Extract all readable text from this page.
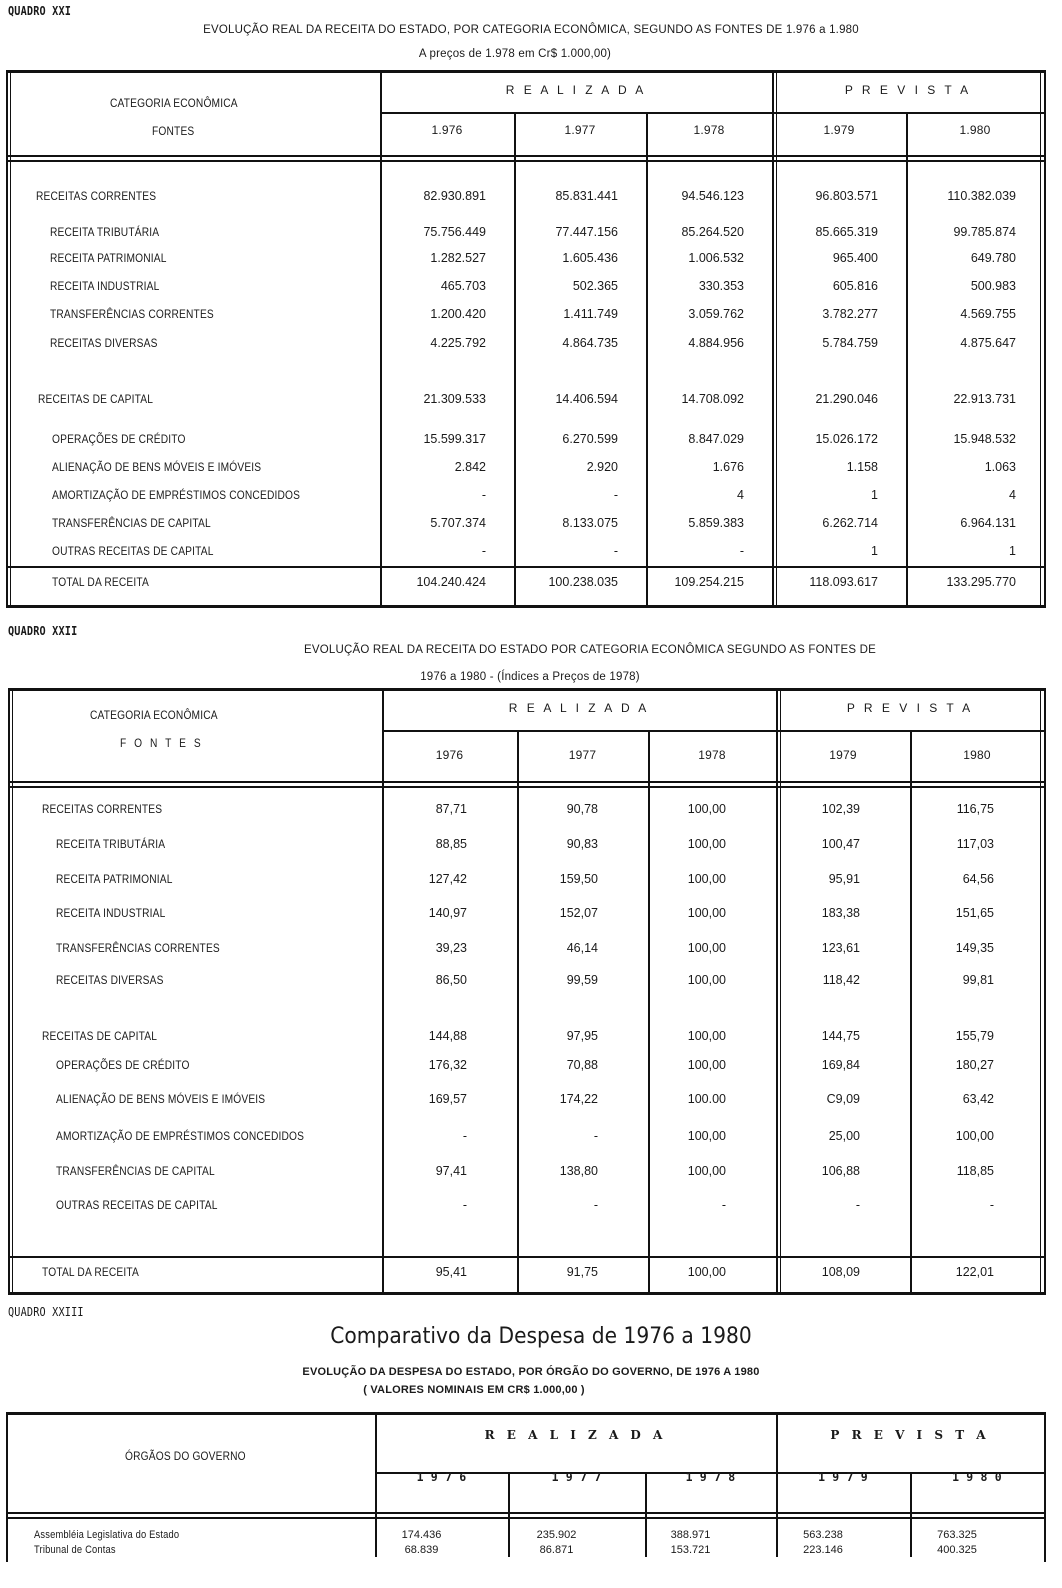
QUADRO XXI
EVOLUÇÃO REAL DA RECEITA DO ESTADO, POR CATEGORIA ECONÔMICA, SEGUNDO AS FONTES DE 1.976 a 1.980
A preços de 1.978 em Cr$ 1.000,00)
CATEGORIA ECONÔMICA
FONTES
R E A L I Z A D A	P R E V I S T A
1.976	1.977	1.978	1.979	1.980
RECEITAS CORRENTES	82.930.891	85.831.441	94.546.123	96.803.571	110.382.039
RECEITA TRIBUTÁRIA	75.756.449	77.447.156	85.264.520	85.665.319	99.785.874
RECEITA PATRIMONIAL	1.282.527	1.605.436	1.006.532	965.400	649.780
RECEITA INDUSTRIAL	465.703	502.365	330.353	605.816	500.983
TRANSFERÊNCIAS CORRENTES	1.200.420	1.411.749	3.059.762	3.782.277	4.569.755
RECEITAS DIVERSAS	4.225.792	4.864.735	4.884.956	5.784.759	4.875.647
RECEITAS DE CAPITAL	21.309.533	14.406.594	14.708.092	21.290.046	22.913.731
OPERAÇÕES DE CRÉDITO	15.599.317	6.270.599	8.847.029	15.026.172	15.948.532
ALIENAÇÃO DE BENS MÓVEIS E IMÓVEIS	2.842	2.920	1.676	1.158	1.063
AMORTIZAÇÃO DE EMPRÉSTIMOS CONCEDIDOS	-	-	4	1	4
TRANSFERÊNCIAS DE CAPITAL	5.707.374	8.133.075	5.859.383	6.262.714	6.964.131
OUTRAS RECEITAS DE CAPITAL	-	-	-	1	1
TOTAL DA RECEITA	104.240.424	100.238.035	109.254.215	118.093.617	133.295.770
QUADRO XXII
EVOLUÇÃO REAL DA RECEITA DO ESTADO POR CATEGORIA ECONÔMICA SEGUNDO AS FONTES DE
1976 a 1980 - (Índices a Preços de 1978)
CATEGORIA ECONÔMICA
F O N T E S
R E A L I Z A D A	P R E V I S T A
1976	1977	1978	1979	1980
RECEITAS CORRENTES	87,71	90,78	100,00	102,39	116,75
RECEITA TRIBUTÁRIA	88,85	90,83	100,00	100,47	117,03
RECEITA PATRIMONIAL	127,42	159,50	100,00	95,91	64,56
RECEITA INDUSTRIAL	140,97	152,07	100,00	183,38	151,65
TRANSFERÊNCIAS CORRENTES	39,23	46,14	100,00	123,61	149,35
RECEITAS DIVERSAS	86,50	99,59	100,00	118,42	99,81
RECEITAS DE CAPITAL	144,88	97,95	100,00	144,75	155,79
OPERAÇÕES DE CRÉDITO	176,32	70,88	100,00	169,84	180,27
ALIENAÇÃO DE BENS MÓVEIS E IMÓVEIS	169,57	174,22	100.00	C9,09	63,42
AMORTIZAÇÃO DE EMPRÉSTIMOS CONCEDIDOS	-	-	100,00	25,00	100,00
TRANSFERÊNCIAS DE CAPITAL	97,41	138,80	100,00	106,88	118,85
OUTRAS RECEITAS DE CAPITAL	-	-	-	-	-
TOTAL DA RECEITA	95,41	91,75	100,00	108,09	122,01
QUADRO XXIII
Comparativo da Despesa de 1976 a 1980
EVOLUÇÃO DA DESPESA DO ESTADO, POR ÓRGÃO DO GOVERNO, DE 1976 A 1980
( VALORES NOMINAIS EM CR$ 1.000,00 )
ÓRGÃOS DO GOVERNO
R E A L I Z A D A	P R E V I S T A
1 9 7 6	1 9 7 7	1 9 7 8	1 9 7 9	1 9 8 0
Assembléia Legislativa do Estado	174.436	235.902	388.971	563.238	763.325
Tribunal de Contas	68.839	86.871	153.721	223.146	400.325
